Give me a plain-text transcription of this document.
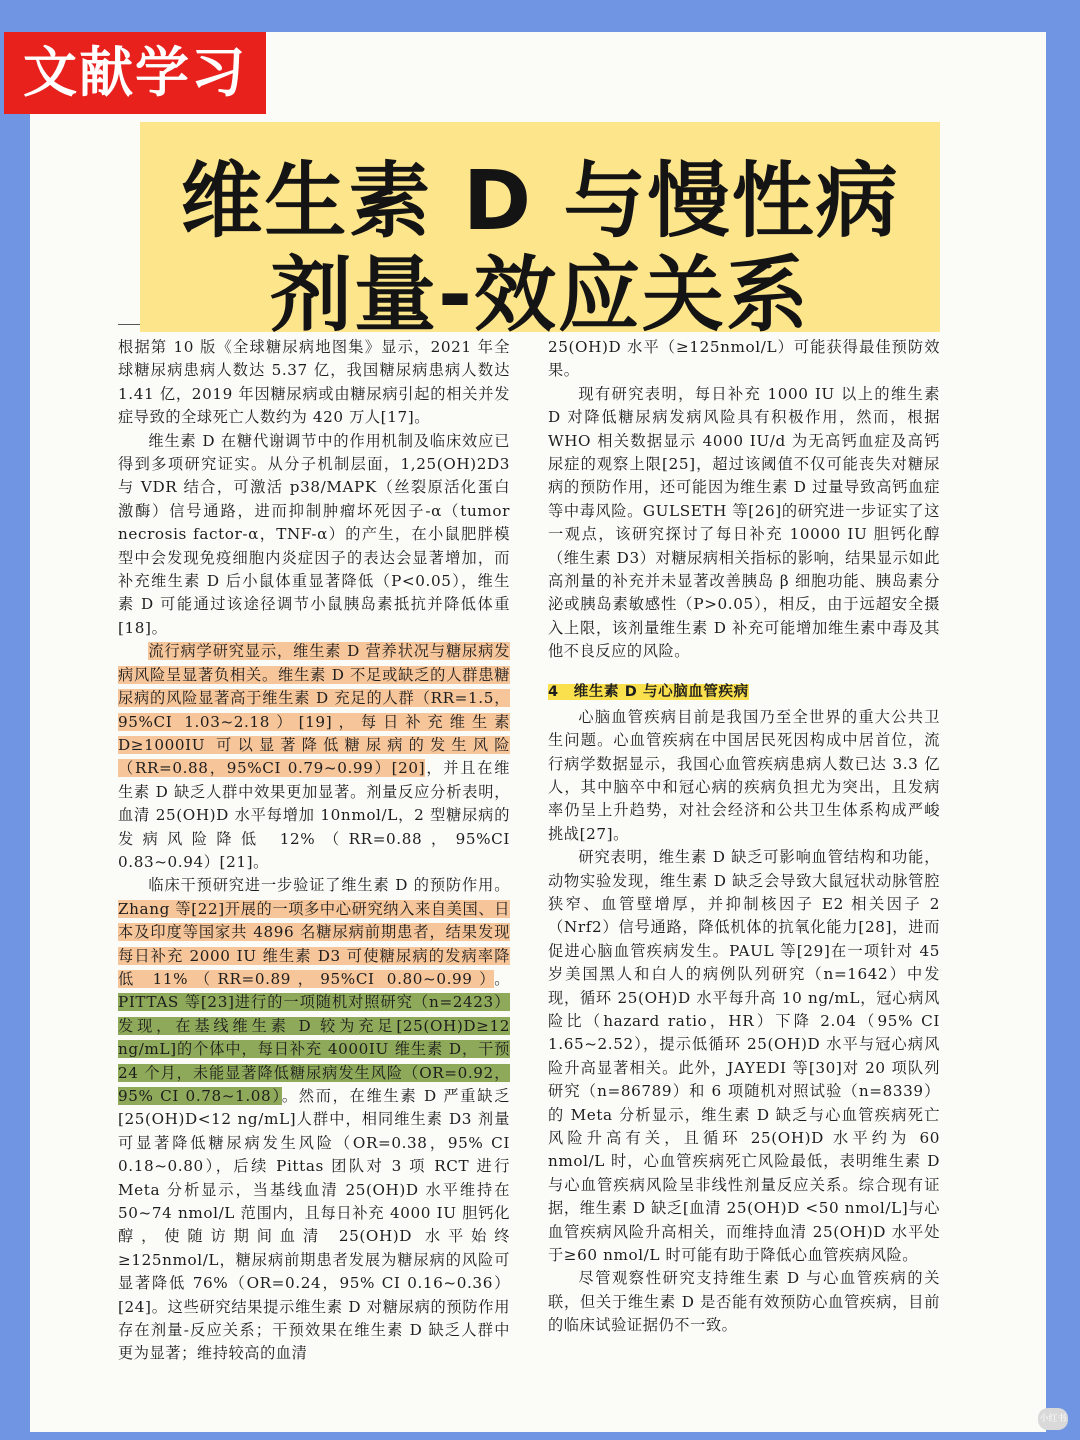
文献学习
维生素 D 与慢性病
剂量-效应关系

根据第 10 版《全球糖尿病地图集》显示，2021 年全球糖尿病患病人数达 5.37 亿，我国糖尿病患病人数达 1.41 亿，2019 年因糖尿病或由糖尿病引起的相关并发症导致的全球死亡人数约为 420 万人[17]。

维生素 D 在糖代谢调节中的作用机制及临床效应已得到多项研究证实。从分子机制层面，1,25(OH)2D3 与 VDR 结合，可激活 p38/MAPK（丝裂原活化蛋白激酶）信号通路，进而抑制肿瘤坏死因子-α（tumor necrosis factor-α，TNF-α）的产生，在小鼠肥胖模型中会发现免疫细胞内炎症因子的表达会显著增加，而补充维生素 D 后小鼠体重显著降低（P<0.05），维生素 D 可能通过该途径调节小鼠胰岛素抵抗并降低体重[18]。

流行病学研究显示，维生素 D 营养状况与糖尿病发病风险呈显著负相关。维生素 D 不足或缺乏的人群患糖尿病的风险显著高于维生素 D 充足的人群（RR=1.5，95%CI 1.03~2.18）[19]，每日补充维生素 D≥1000IU 可以显著降低糖尿病的发生风险（RR=0.88，95%CI 0.79~0.99）[20]，并且在维生素 D 缺乏人群中效果更加显著。剂量反应分析表明，血清 25(OH)D 水平每增加 10nmol/L，2 型糖尿病的发病风险降低 12%（RR=0.88，95%CI 0.83~0.94）[21]。

临床干预研究进一步验证了维生素 D 的预防作用。Zhang 等[22]开展的一项多中心研究纳入来自美国、日本及印度等国家共 4896 名糖尿病前期患者，结果发现每日补充 2000 IU 维生素 D3 可使糖尿病的发病率降低 11%（RR=0.89，95%CI 0.80~0.99）。PITTAS 等[23]进行的一项随机对照研究（n=2423）发现，在基线维生素 D 较为充足[25(OH)D≥12 ng/mL]的个体中，每日补充 4000IU 维生素 D，干预 24 个月，未能显著降低糖尿病发生风险（OR=0.92，95% CI 0.78~1.08）。然而，在维生素 D 严重缺乏[25(OH)D<12 ng/mL]人群中，相同维生素 D3 剂量可显著降低糖尿病发生风险（OR=0.38，95% CI 0.18~0.80），后续 Pittas 团队对 3 项 RCT 进行 Meta 分析显示，当基线血清 25(OH)D 水平维持在 50~74 nmol/L 范围内，且每日补充 4000 IU 胆钙化醇，使随访期间血清 25(OH)D 水平始终≥125nmol/L，糖尿病前期患者发展为糖尿病的风险可显著降低 76%（OR=0.24，95% CI 0.16~0.36）[24]。这些研究结果提示维生素 D 对糖尿病的预防作用存在剂量-反应关系；干预效果在维生素 D 缺乏人群中更为显著；维持较高的血清

25(OH)D 水平（≥125nmol/L）可能获得最佳预防效果。

现有研究表明，每日补充 1000 IU 以上的维生素 D 对降低糖尿病发病风险具有积极作用，然而，根据 WHO 相关数据显示 4000 IU/d 为无高钙血症及高钙尿症的观察上限[25]，超过该阈值不仅可能丧失对糖尿病的预防作用，还可能因为维生素 D 过量导致高钙血症等中毒风险。GULSETH 等[26]的研究进一步证实了这一观点，该研究探讨了每日补充 10000 IU 胆钙化醇（维生素 D3）对糖尿病相关指标的影响，结果显示如此高剂量的补充并未显著改善胰岛 β 细胞功能、胰岛素分泌或胰岛素敏感性（P>0.05），相反，由于远超安全摄入上限，该剂量维生素 D 补充可能增加维生素中毒及其他不良反应的风险。

4　维生素 D 与心脑血管疾病

心脑血管疾病目前是我国乃至全世界的重大公共卫生问题。心血管疾病在中国居民死因构成中居首位，流行病学数据显示，我国心血管疾病患病人数已达 3.3 亿人，其中脑卒中和冠心病的疾病负担尤为突出，且发病率仍呈上升趋势，对社会经济和公共卫生体系构成严峻挑战[27]。

研究表明，维生素 D 缺乏可影响血管结构和功能，动物实验发现，维生素 D 缺乏会导致大鼠冠状动脉管腔狭窄、血管壁增厚，并抑制核因子 E2 相关因子 2（Nrf2）信号通路，降低机体的抗氧化能力[28]，进而促进心脑血管疾病发生。PAUL 等[29]在一项针对 45 岁美国黑人和白人的病例队列研究（n=1642）中发现，循环 25(OH)D 水平每升高 10 ng/mL，冠心病风险比（hazard ratio，HR）下降 2.04（95% CI 1.65~2.52），提示低循环 25(OH)D 水平与冠心病风险升高显著相关。此外，JAYEDI 等[30]对 20 项队列研究（n=86789）和 6 项随机对照试验（n=8339）的 Meta 分析显示，维生素 D 缺乏与心血管疾病死亡风险升高有关，且循环 25(OH)D 水平约为 60 nmol/L 时，心血管疾病死亡风险最低，表明维生素 D 与心血管疾病风险呈非线性剂量反应关系。综合现有证据，维生素 D 缺乏[血清 25(OH)D <50 nmol/L]与心血管疾病风险升高相关，而维持血清 25(OH)D 水平处于≥60 nmol/L 时可能有助于降低心血管疾病风险。

尽管观察性研究支持维生素 D 与心血管疾病的关联，但关于维生素 D 是否能有效预防心血管疾病，目前的临床试验证据仍不一致。

小红书
